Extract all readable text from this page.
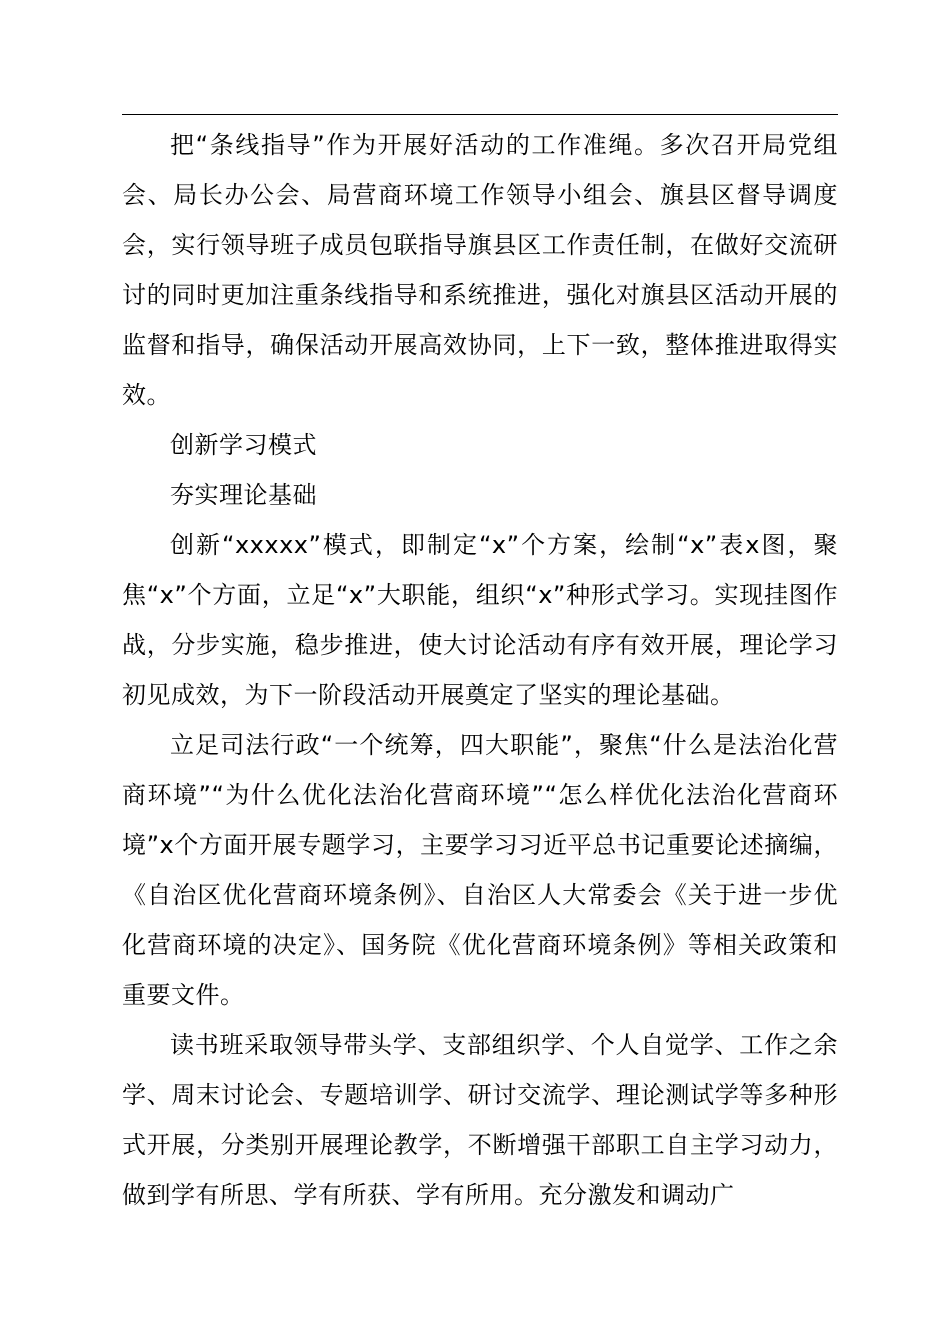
把“条线指导”作为开展好活动的工作准绳。多次召开局党组会、局长办公会、局营商环境工作领导小组会、旗县区督导调度会，实行领导班子成员包联指导旗县区工作责任制，在做好交流研讨的同时更加注重条线指导和系统推进，强化对旗县区活动开展的监督和指导，确保活动开展高效协同，上下一致，整体推进取得实效。

创新学习模式

夯实理论基础

创新“xxxxx”模式，即制定“x”个方案，绘制“x”表x图，聚焦“x”个方面，立足“x”大职能，组织“x”种形式学习。实现挂图作战，分步实施，稳步推进，使大讨论活动有序有效开展，理论学习初见成效，为下一阶段活动开展奠定了坚实的理论基础。

立足司法行政“一个统筹，四大职能”，聚焦“什么是法治化营商环境”“为什么优化法治化营商环境”“怎么样优化法治化营商环境”x个方面开展专题学习，主要学习习近平总书记重要论述摘编，《自治区优化营商环境条例》、自治区人大常委会《关于进一步优化营商环境的决定》、国务院《优化营商环境条例》等相关政策和重要文件。

读书班采取领导带头学、支部组织学、个人自觉学、工作之余学、周末讨论会、专题培训学、研讨交流学、理论测试学等多种形式开展，分类别开展理论教学，不断增强干部职工自主学习动力，做到学有所思、学有所获、学有所用。充分激发和调动广
